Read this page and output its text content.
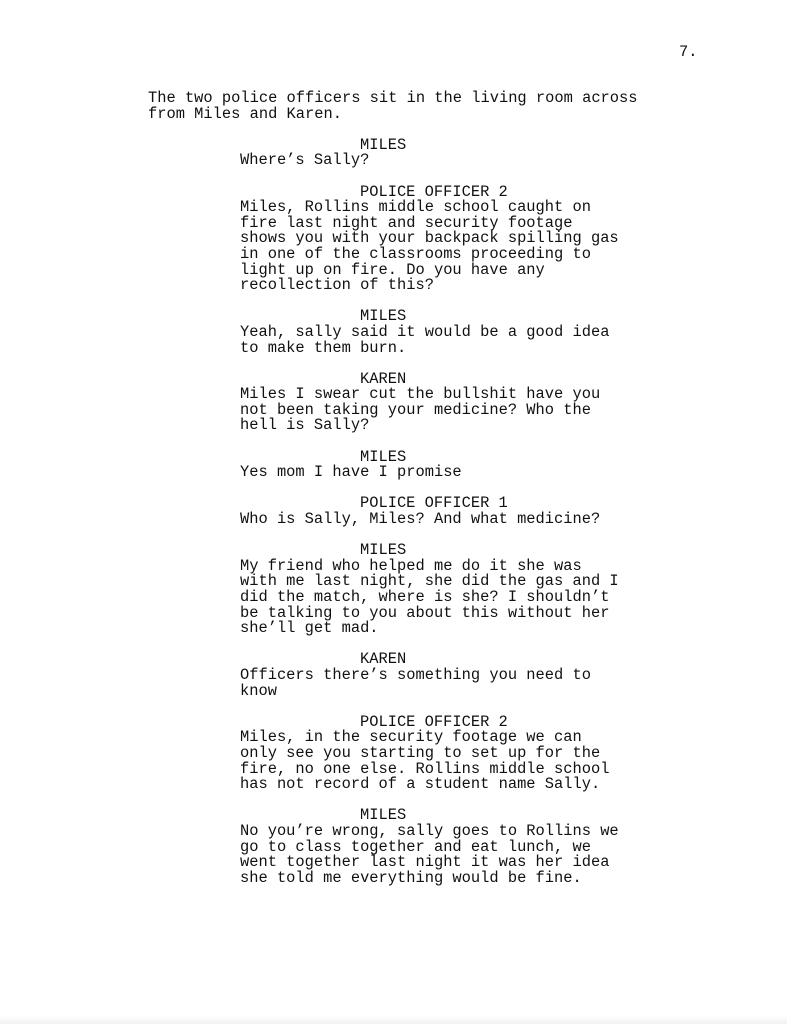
7.
The two police officers sit in the living room across
from Miles and Karen.
MILES
Where’s Sally?
POLICE OFFICER 2
Miles, Rollins middle school caught on
fire last night and security footage
shows you with your backpack spilling gas
in one of the classrooms proceeding to
light up on fire. Do you have any
recollection of this?
MILES
Yeah, sally said it would be a good idea
to make them burn.
KAREN
Miles I swear cut the bullshit have you
not been taking your medicine? Who the
hell is Sally?
MILES
Yes mom I have I promise
POLICE OFFICER 1
Who is Sally, Miles? And what medicine?
MILES
My friend who helped me do it she was
with me last night, she did the gas and I
did the match, where is she? I shouldn’t
be talking to you about this without her
she’ll get mad.
KAREN
Officers there’s something you need to
know
POLICE OFFICER 2
Miles, in the security footage we can
only see you starting to set up for the
fire, no one else. Rollins middle school
has not record of a student name Sally.
MILES
No you’re wrong, sally goes to Rollins we
go to class together and eat lunch, we
went together last night it was her idea
she told me everything would be fine.
